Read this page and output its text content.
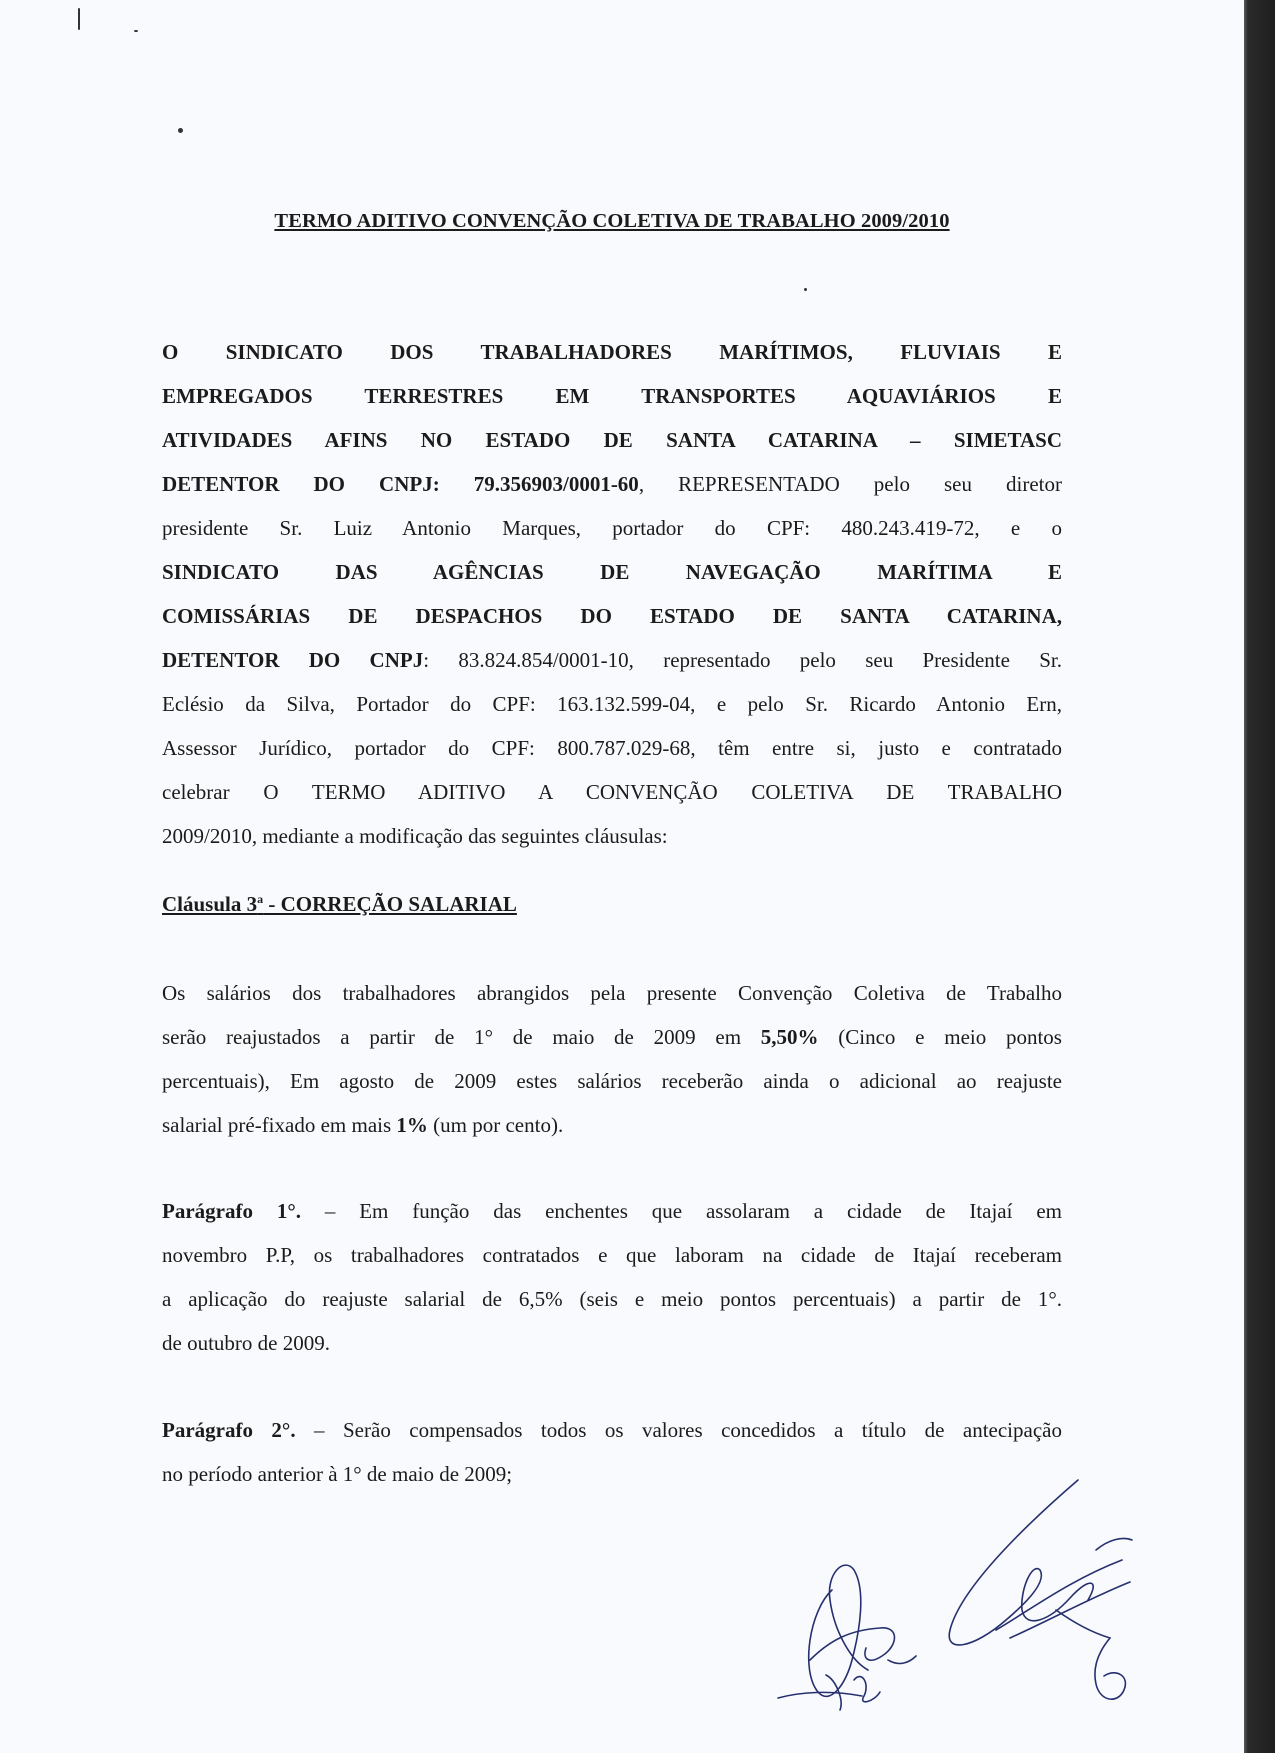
TERMO ADITIVO CONVENÇÃO COLETIVA DE TRABALHO 2009/2010
O SINDICATO DOS TRABALHADORES MARÍTIMOS, FLUVIAIS E
EMPREGADOS TERRESTRES EM TRANSPORTES AQUAVIÁRIOS E
ATIVIDADES AFINS NO ESTADO DE SANTA CATARINA – SIMETASC
DETENTOR DO CNPJ: 79.356903/0001-60, REPRESENTADO pelo seu diretor
presidente Sr. Luiz Antonio Marques, portador do CPF: 480.243.419-72, e o
SINDICATO DAS AGÊNCIAS DE NAVEGAÇÃO MARÍTIMA E
COMISSÁRIAS DE DESPACHOS DO ESTADO DE SANTA CATARINA,
DETENTOR DO CNPJ: 83.824.854/0001-10, representado pelo seu Presidente Sr.
Eclésio da Silva, Portador do CPF: 163.132.599-04, e pelo Sr. Ricardo Antonio Ern,
Assessor Jurídico, portador do CPF: 800.787.029-68, têm entre si, justo e contratado
celebrar O TERMO ADITIVO A CONVENÇÃO COLETIVA DE TRABALHO
2009/2010, mediante a modificação das seguintes cláusulas:
Cláusula 3$^a$ - CORREÇÃO SALARIAL
Os salários dos trabalhadores abrangidos pela presente Convenção Coletiva de Trabalho
serão reajustados a partir de 1° de maio de 2009 em 5,50% (Cinco e meio pontos
percentuais), Em agosto de 2009 estes salários receberão ainda o adicional ao reajuste
salarial pré-fixado em mais 1% (um por cento).
Parágrafo 1°. – Em função das enchentes que assolaram a cidade de Itajaí em
novembro P.P, os trabalhadores contratados e que laboram na cidade de Itajaí receberam
a aplicação do reajuste salarial de 6,5% (seis e meio pontos percentuais) a partir de 1°.
de outubro de 2009.
Parágrafo 2°. – Serão compensados todos os valores concedidos a título de antecipação
no período anterior à 1° de maio de 2009;
